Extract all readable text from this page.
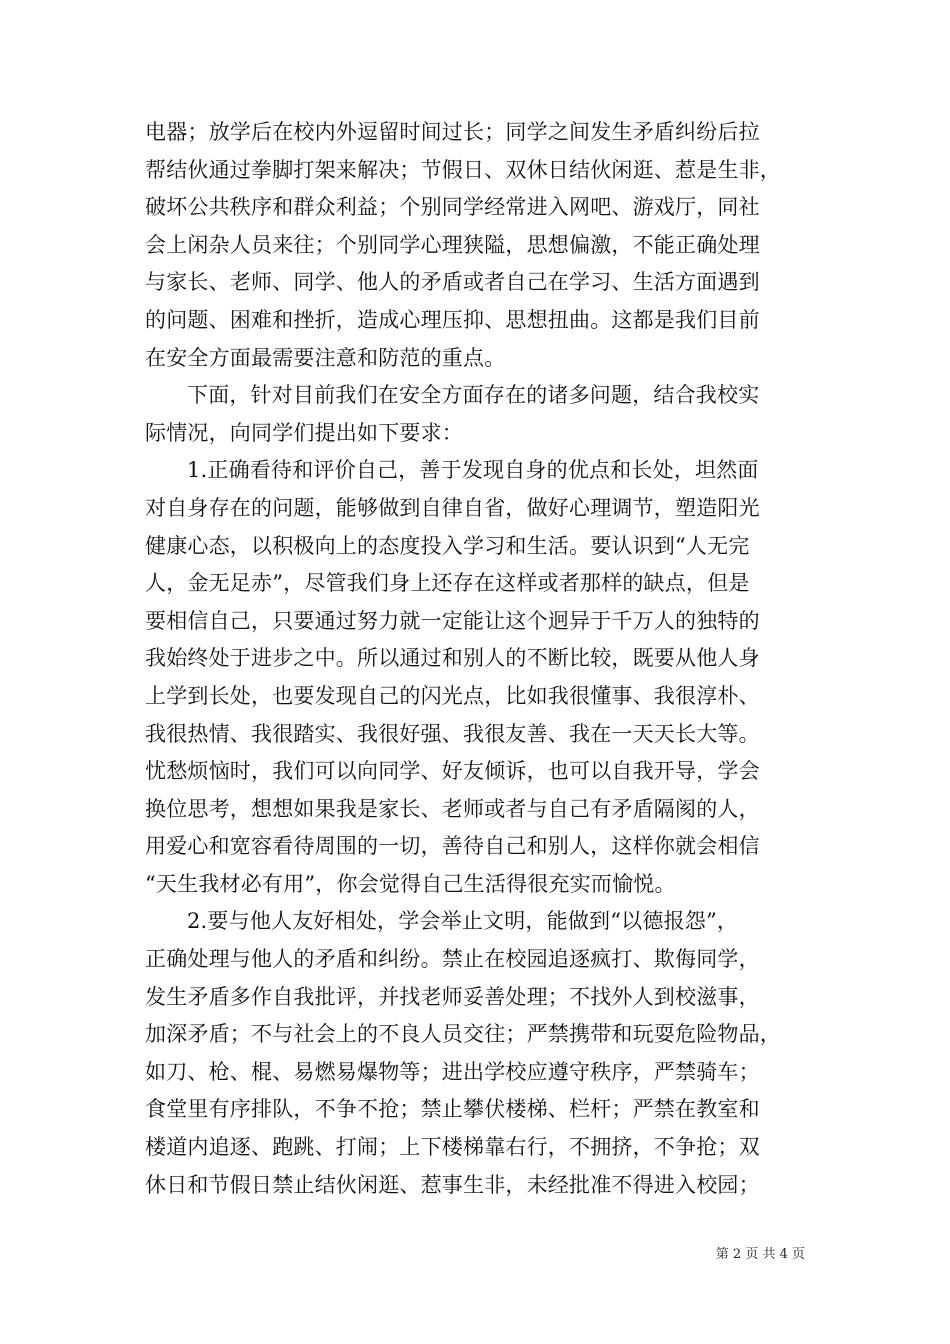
电器；放学后在校内外逗留时间过长；同学之间发生矛盾纠纷后拉
帮结伙通过拳脚打架来解决；节假日、双休日结伙闲逛、惹是生非，
破坏公共秩序和群众利益；个别同学经常进入网吧、游戏厅，同社
会上闲杂人员来往；个别同学心理狭隘，思想偏激，不能正确处理
与家长、老师、同学、他人的矛盾或者自己在学习、生活方面遇到
的问题、困难和挫折，造成心理压抑、思想扭曲。这都是我们目前
在安全方面最需要注意和防范的重点。
下面，针对目前我们在安全方面存在的诸多问题，结合我校实
际情况，向同学们提出如下要求：
1.正确看待和评价自己，善于发现自身的优点和长处，坦然面
对自身存在的问题，能够做到自律自省，做好心理调节，塑造阳光
健康心态，以积极向上的态度投入学习和生活。要认识到“人无完
人，金无足赤”，尽管我们身上还存在这样或者那样的缺点，但是
要相信自己，只要通过努力就一定能让这个迥异于千万人的独特的
我始终处于进步之中。所以通过和别人的不断比较，既要从他人身
上学到长处，也要发现自己的闪光点，比如我很懂事、我很淳朴、
我很热情、我很踏实、我很好强、我很友善、我在一天天长大等。
忧愁烦恼时，我们可以向同学、好友倾诉，也可以自我开导，学会
换位思考，想想如果我是家长、老师或者与自己有矛盾隔阂的人，
用爱心和宽容看待周围的一切，善待自己和别人，这样你就会相信
“天生我材必有用”，你会觉得自己生活得很充实而愉悦。
2.要与他人友好相处，学会举止文明，能做到“以德报怨”，
正确处理与他人的矛盾和纠纷。禁止在校园追逐疯打、欺侮同学，
发生矛盾多作自我批评，并找老师妥善处理；不找外人到校滋事，
加深矛盾；不与社会上的不良人员交往；严禁携带和玩耍危险物品，
如刀、枪、棍、易燃易爆物等；进出学校应遵守秩序，严禁骑车；
食堂里有序排队，不争不抢；禁止攀伏楼梯、栏杆；严禁在教室和
楼道内追逐、跑跳、打闹；上下楼梯靠右行，不拥挤，不争抢；双
休日和节假日禁止结伙闲逛、惹事生非，未经批准不得进入校园；
第 2 页 共 4 页
